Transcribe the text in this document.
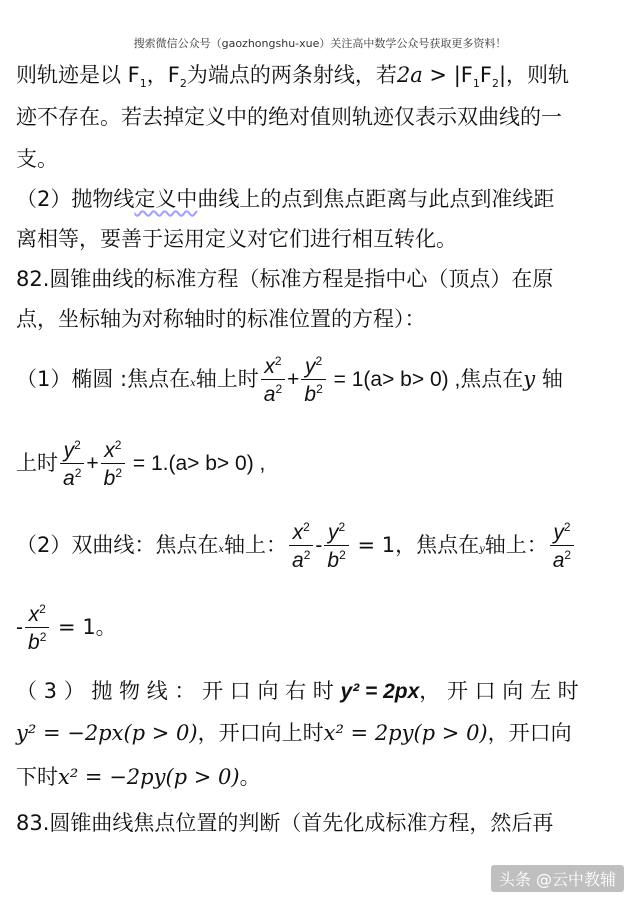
搜索微信公众号（gaozhongshu-xue）关注高中数学公众号获取更多资料！
则轨迹是以 $F_1$，$F_2$为端点的两条射线，若$2a > |F_1F_2|$，则轨
迹不存在。若去掉定义中的绝对值则轨迹仅表示双曲线的一
支。
（2）抛物线定义中曲线上的点到焦点距离与此点到准线距
离相等，要善于运用定义对它们进行相互转化。
82.圆锥曲线的标准方程（标准方程是指中心（顶点）在原
点，坐标轴为对称轴时的标准位置的方程）：
（1）椭圆 :焦点在x轴上时 $\frac{x^2}{a^2} + \frac{y^2}{b^2} = 1(a> b> 0)$ ,焦点在y 轴
上时 $\frac{y^2}{a^2} + \frac{x^2}{b^2} = 1.(a> b> 0)$ ,
（2）双曲线：焦点在x轴上： $\frac{x^2}{a^2} - \frac{y^2}{b^2} = 1$，焦点在y轴上： $\frac{y^2}{a^2}$
- $\frac{x^2}{b^2} = 1$。
（ 3 ） 抛 物 线 ： 开 口 向 右 时 y² = 2px， 开 口 向 左 时
y² = −2px(p > 0)，开口向上时x² = 2py(p > 0)，开口向
下时x² = −2py(p > 0)。
83.圆锥曲线焦点位置的判断（首先化成标准方程，然后再
头条 @云中教辅
